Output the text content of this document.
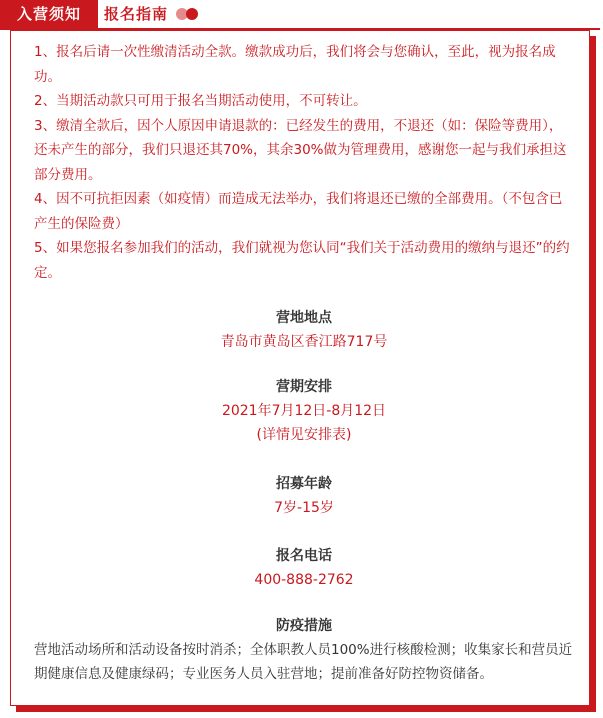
入营须知	报名指南

1、报名后请一次性缴清活动全款。缴款成功后，我们将会与您确认，至此，视为报名成功。

2、当期活动款只可用于报名当期活动使用，不可转让。

3、缴清全款后，因个人原因申请退款的：已经发生的费用，不退还（如：保险等费用），还未产生的部分，我们只退还其70%，其余30%做为管理费用，感谢您一起与我们承担这部分费用。

4、因不可抗拒因素（如疫情）而造成无法举办，我们将退还已缴的全部费用。（不包含已产生的保险费）

5、如果您报名参加我们的活动，我们就视为您认同“我们关于活动费用的缴纳与退还”的约定。

营地地点
青岛市黄岛区香江路717号
营期安排
2021年7月12日-8月12日
(详情见安排表)
招募年龄
7岁-15岁
报名电话
400-888-2762
防疫措施
营地活动场所和活动设备按时消杀；全体职教人员100%进行核酸检测；收集家长和营员近期健康信息及健康绿码；专业医务人员入驻营地；提前准备好防控物资储备。
